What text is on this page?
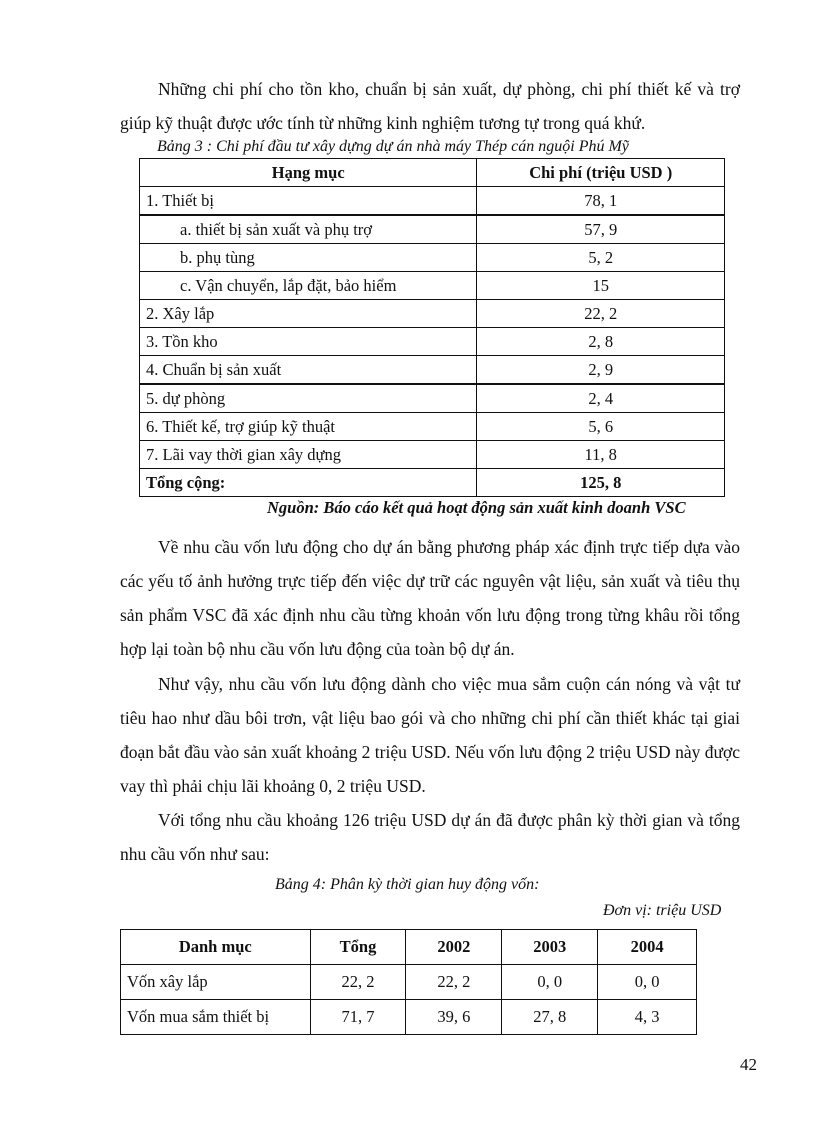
Những chi phí cho tồn kho, chuẩn bị sản xuất, dự phòng, chi phí thiết kế và trợ giúp kỹ thuật được ước tính từ những kinh nghiệm tương tự trong quá khứ.

Bảng 3 : Chi phí đầu tư xây dựng dự án nhà máy Thép cán nguội Phú Mỹ
Hạng mục	Chi phí (triệu USD )
1. Thiết bị	78, 1
a. thiết bị sản xuất và phụ trợ	57, 9
b. phụ tùng	5, 2
c. Vận chuyển, lắp đặt, bảo hiểm	15
2. Xây lắp	22, 2
3. Tồn kho	2, 8
4. Chuẩn bị sản xuất	2, 9
5. dự phòng	2, 4
6. Thiết kế, trợ giúp kỹ thuật	5, 6
7. Lãi vay thời gian xây dựng	11, 8
Tổng cộng:	125, 8
Nguồn: Báo cáo kết quả hoạt động sản xuất kinh doanh VSC

Về nhu cầu vốn lưu động cho dự án bằng phương pháp xác định trực tiếp dựa vào các yếu tố ảnh hưởng trực tiếp đến việc dự trữ các nguyên vật liệu, sản xuất và tiêu thụ sản phẩm VSC đã xác định nhu cầu từng khoản vốn lưu động trong từng khâu rồi tổng hợp lại toàn bộ nhu cầu vốn lưu động của toàn bộ dự án.

Như vậy, nhu cầu vốn lưu động dành cho việc mua sắm cuộn cán nóng và vật tư tiêu hao như dầu bôi trơn, vật liệu bao gói và cho những chi phí cần thiết khác tại giai đoạn bắt đầu vào sản xuất khoảng 2 triệu USD. Nếu vốn lưu động 2 triệu USD này được vay thì phải chịu lãi khoảng 0, 2 triệu USD.

Với tổng nhu cầu khoảng 126 triệu USD dự án đã được phân kỳ thời gian và tổng nhu cầu vốn như sau:

Bảng 4: Phân kỳ thời gian huy động vốn:
Đơn vị: triệu USD
Danh mục	Tổng	2002	2003	2004
Vốn xây lắp	22, 2	22, 2	0, 0	0, 0
Vốn mua sắm thiết bị	71, 7	39, 6	27, 8	4, 3
42
